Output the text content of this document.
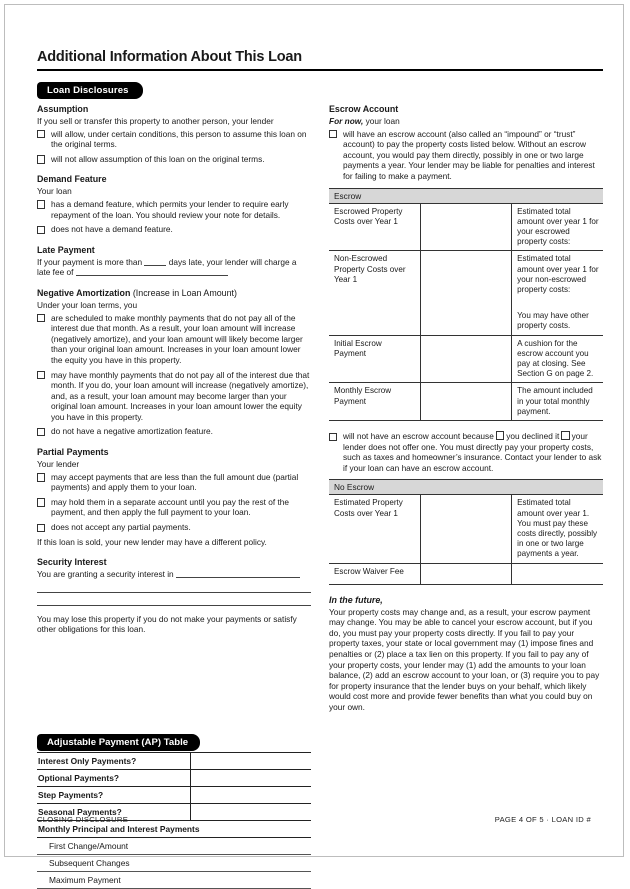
Additional Information About This Loan
Loan Disclosures
Assumption

If you sell or transfer this property to another person, your lender

will allow, under certain conditions, this person to assume this loan on the original terms.
will not allow assumption of this loan on the original terms.
Demand Feature

Your loan

has a demand feature, which permits your lender to require early repayment of the loan. You should review your note for details.
does not have a demand feature.
Late Payment

If your payment is more than	days late, your lender will charge a late fee of

Negative Amortization (Increase in Loan Amount)

Under your loan terms, you

are scheduled to make monthly payments that do not pay all of the interest due that month. As a result, your loan amount will increase (negatively amortize), and your loan amount will likely become larger than your original loan amount. Increases in your loan amount lower the equity you have in this property.
may have monthly payments that do not pay all of the interest due that month. If you do, your loan amount will increase (negatively amortize), and, as a result, your loan amount may become larger than your original loan amount. Increases in your loan amount lower the equity you have in this property.
do not have a negative amortization feature.
Partial Payments

Your lender

may accept payments that are less than the full amount due (partial payments) and apply them to your loan.
may hold them in a separate account until you pay the rest of the payment, and then apply the full payment to your loan.
does not accept any partial payments.

If this loan is sold, your new lender may have a different policy.

Security Interest

You are granting a security interest in

You may lose this property if you do not make your payments or satisfy other obligations for this loan.

Escrow Account

For now, your loan

will have an escrow account (also called an “impound” or “trust” account) to pay the property costs listed below. Without an escrow account, you would pay them directly, possibly in one or two large payments a year. Your lender may be liable for penalties and interest for failing to make a payment.
Escrow		
Escrowed Property Costs over Year 1		Estimated total amount over year 1 for your escrowed property costs:
Non-Escrowed Property Costs over Year 1		Estimated total amount over year 1 for your non-escrowed property costs:
You may have other property costs.

Initial Escrow Payment		A cushion for the escrow account you pay at closing. See Section G on page 2.
Monthly Escrow Payment		The amount included in your total monthly payment.
will not have an escrow account because you declined it your lender does not offer one. You must directly pay your property costs, such as taxes and homeowner’s insurance. Contact your lender to ask if your loan can have an escrow account.
No Escrow		
Estimated Property Costs over Year 1		Estimated total amount over year 1. You must pay these costs directly, possibly in one or two large payments a year.
Escrow Waiver Fee		
In the future,

Your property costs may change and, as a result, your escrow payment may change. You may be able to cancel your escrow account, but if you do, you must pay your property costs directly. If you fail to pay your property taxes, your state or local government may (1) impose fines and penalties or (2) place a tax lien on this property. If you fail to pay any of your property costs, your lender may (1) add the amounts to your loan balance, (2) add an escrow account to your loan, or (3) require you to pay for property insurance that the lender buys on your behalf, which likely would cost more and provide fewer benefits than what you could buy on your own.

Adjustable Payment (AP) Table
Interest Only Payments?	
Optional Payments?	
Step Payments?	
Seasonal Payments?	
Monthly Principal and Interest Payments	
First Change/Amount	
Subsequent Changes	
Maximum Payment	
CLOSING DISCLOSURE	PAGE 4 OF 5 · LOAN ID #
